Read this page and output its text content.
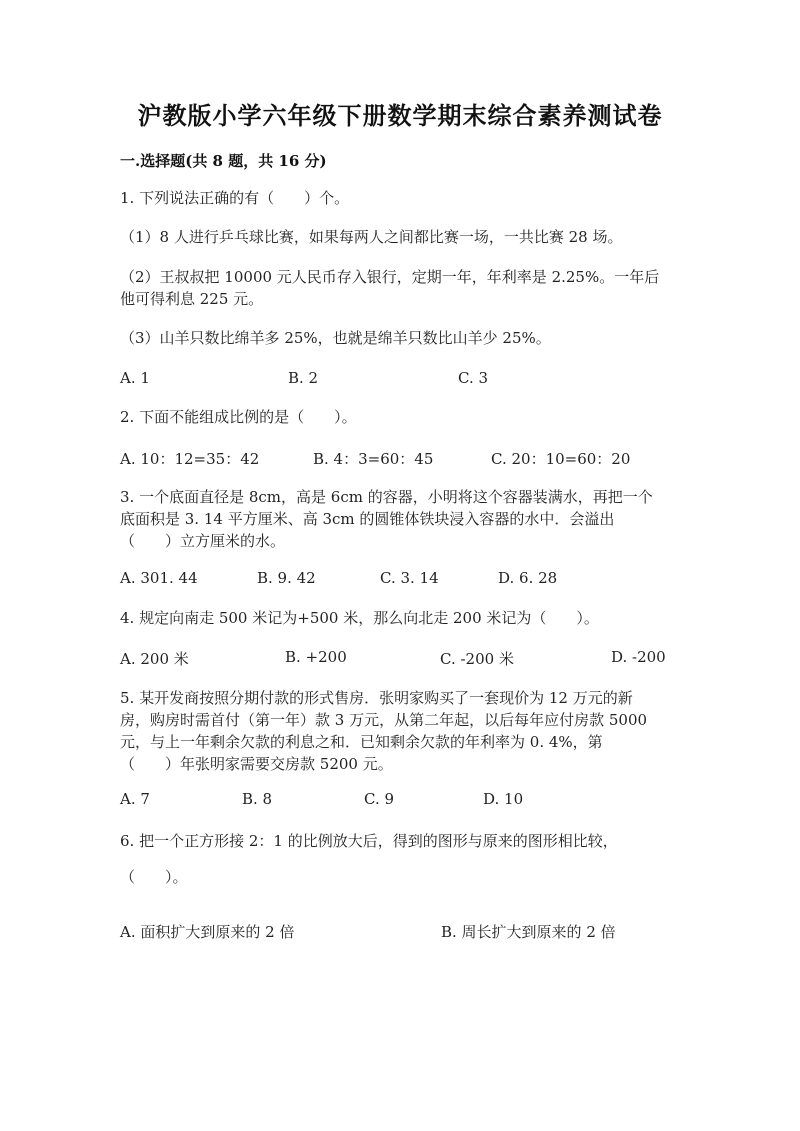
沪教版小学六年级下册数学期末综合素养测试卷
一.选择题(共 8 题，共 16 分)
1. 下列说法正确的有（　　）个。
（1）8 人进行乒乓球比赛，如果每两人之间都比赛一场，一共比赛 28 场。
（2）王叔叔把 10000 元人民币存入银行，定期一年，年利率是 2.25%。一年后
他可得利息 225 元。
（3）山羊只数比绵羊多 25%，也就是绵羊只数比山羊少 25%。
A. 1	B. 2	C. 3
2. 下面不能组成比例的是（　　）。
A. 10：12=35：42	B. 4：3=60：45	C. 20：10=60：20
3. 一个底面直径是 8cm，高是 6cm 的容器，小明将这个容器装满水，再把一个
底面积是 3. 14 平方厘米、高 3cm 的圆锥体铁块浸入容器的水中．会溢出
（　　）立方厘米的水。
A. 301. 44	B. 9. 42	C. 3. 14	D. 6. 28
4. 规定向南走 500 米记为+500 米，那么向北走 200 米记为（　　）。
A. 200 米	B. +200	C. -200 米	D. -200
5. 某开发商按照分期付款的形式售房．张明家购买了一套现价为 12 万元的新
房，购房时需首付（第一年）款 3 万元，从第二年起，以后每年应付房款 5000
元，与上一年剩余欠款的利息之和．已知剩余欠款的年利率为 0. 4%，第
（　　）年张明家需要交房款 5200 元。
A. 7	B. 8	C. 9	D. 10
6. 把一个正方形接 2：1 的比例放大后，得到的图形与原来的图形相比较，
（　　）。
A. 面积扩大到原来的 2 倍	B. 周长扩大到原来的 2 倍
